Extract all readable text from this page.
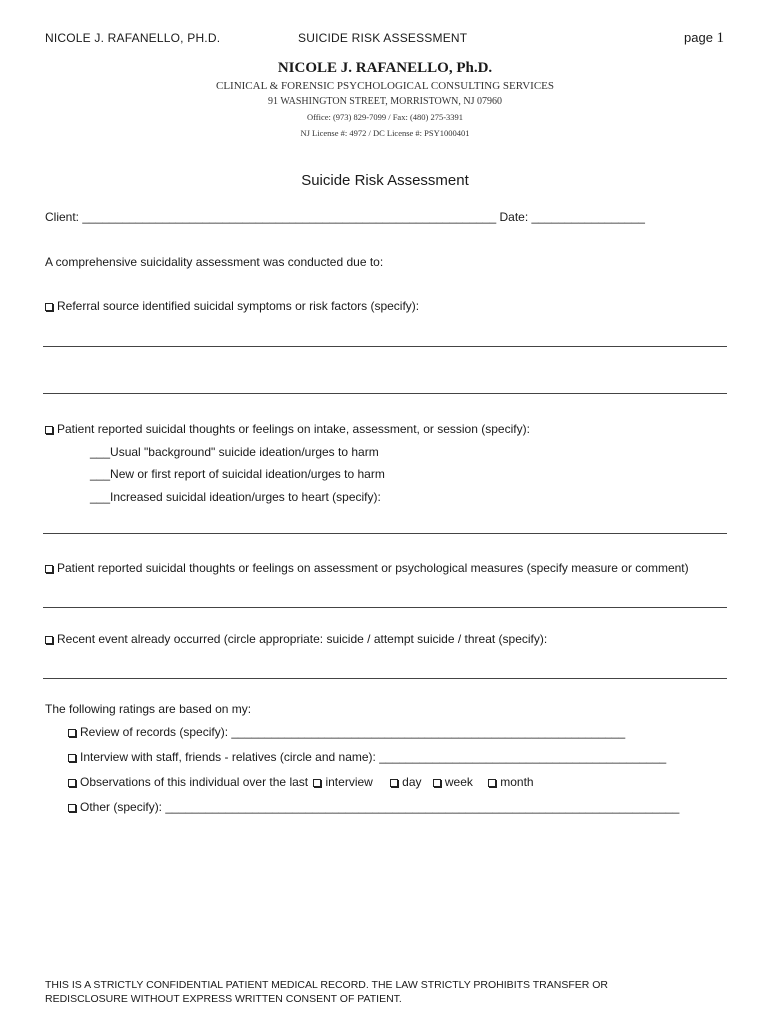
NICOLE J. RAFANELLO, PH.D.	SUICIDE RISK ASSESSMENT	page 1
NICOLE J. RAFANELLO, Ph.D.
CLINICAL & FORENSIC PSYCHOLOGICAL CONSULTING SERVICES
91 WASHINGTON STREET, MORRISTOWN, NJ 07960
Office: (973) 829-7099 / Fax: (480) 275-3391
NJ License #: 4972 / DC License #: PSY1000401
Suicide Risk Assessment
Client: ______________________________________________________________ Date: _________________
A comprehensive suicidality assessment was conducted due to:
Referral source identified suicidal symptoms or risk factors (specify):
Patient reported suicidal thoughts or feelings on intake, assessment, or session (specify):
___Usual "background" suicide ideation/urges to harm
___New or first report of suicidal ideation/urges to harm
___Increased suicidal ideation/urges to heart (specify):
Patient reported suicidal thoughts or feelings on assessment or psychological measures (specify measure or comment)
Recent event already occurred (circle appropriate: suicide / attempt suicide / threat (specify):
The following ratings are based on my:
Review of records (specify): ___________________________________________________________
Interview with staff, friends - relatives (circle and name): ___________________________________________
Observations of this individual over the last interview day week month
Other (specify): _____________________________________________________________________________
THIS IS A STRICTLY CONFIDENTIAL PATIENT MEDICAL RECORD. THE LAW STRICTLY PROHIBITS TRANSFER OR
REDISCLOSURE WITHOUT EXPRESS WRITTEN CONSENT OF PATIENT.
